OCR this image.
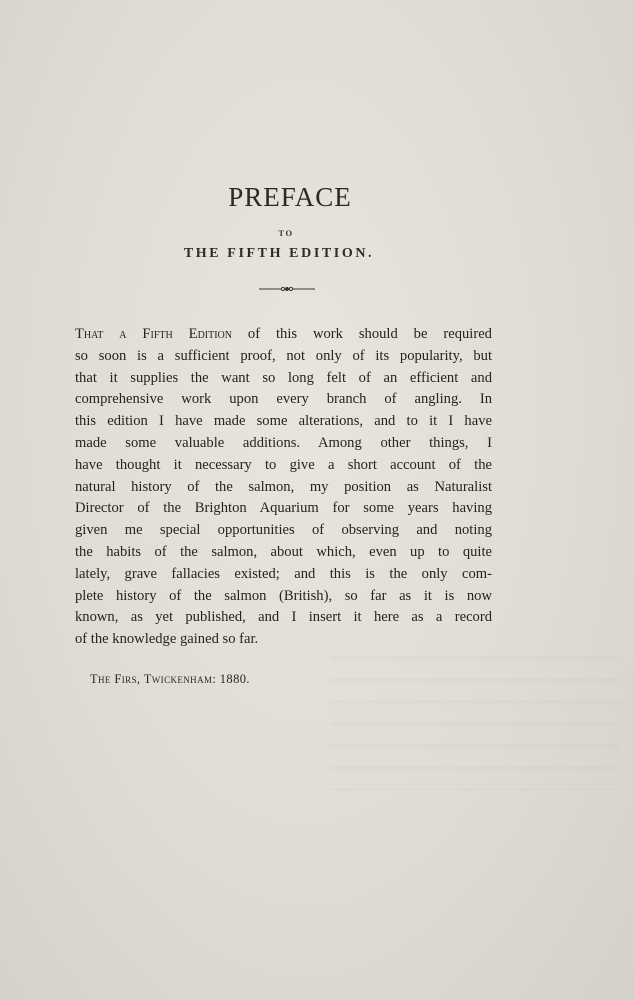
PREFACE
TO
THE FIFTH EDITION.
That a Fifth Edition of this work should be required
so soon is a sufficient proof, not only of its popularity, but
that it supplies the want so long felt of an efficient and
comprehensive work upon every branch of angling. In
this edition I have made some alterations, and to it I have
made some valuable additions. Among other things, I
have thought it necessary to give a short account of the
natural history of the salmon, my position as Naturalist
Director of the Brighton Aquarium for some years having
given me special opportunities of observing and noting
the habits of the salmon, about which, even up to quite
lately, grave fallacies existed; and this is the only com-
plete history of the salmon (British), so far as it is now
known, as yet published, and I insert it here as a record
of the knowledge gained so far.
The Firs, Twickenham: 1880.
